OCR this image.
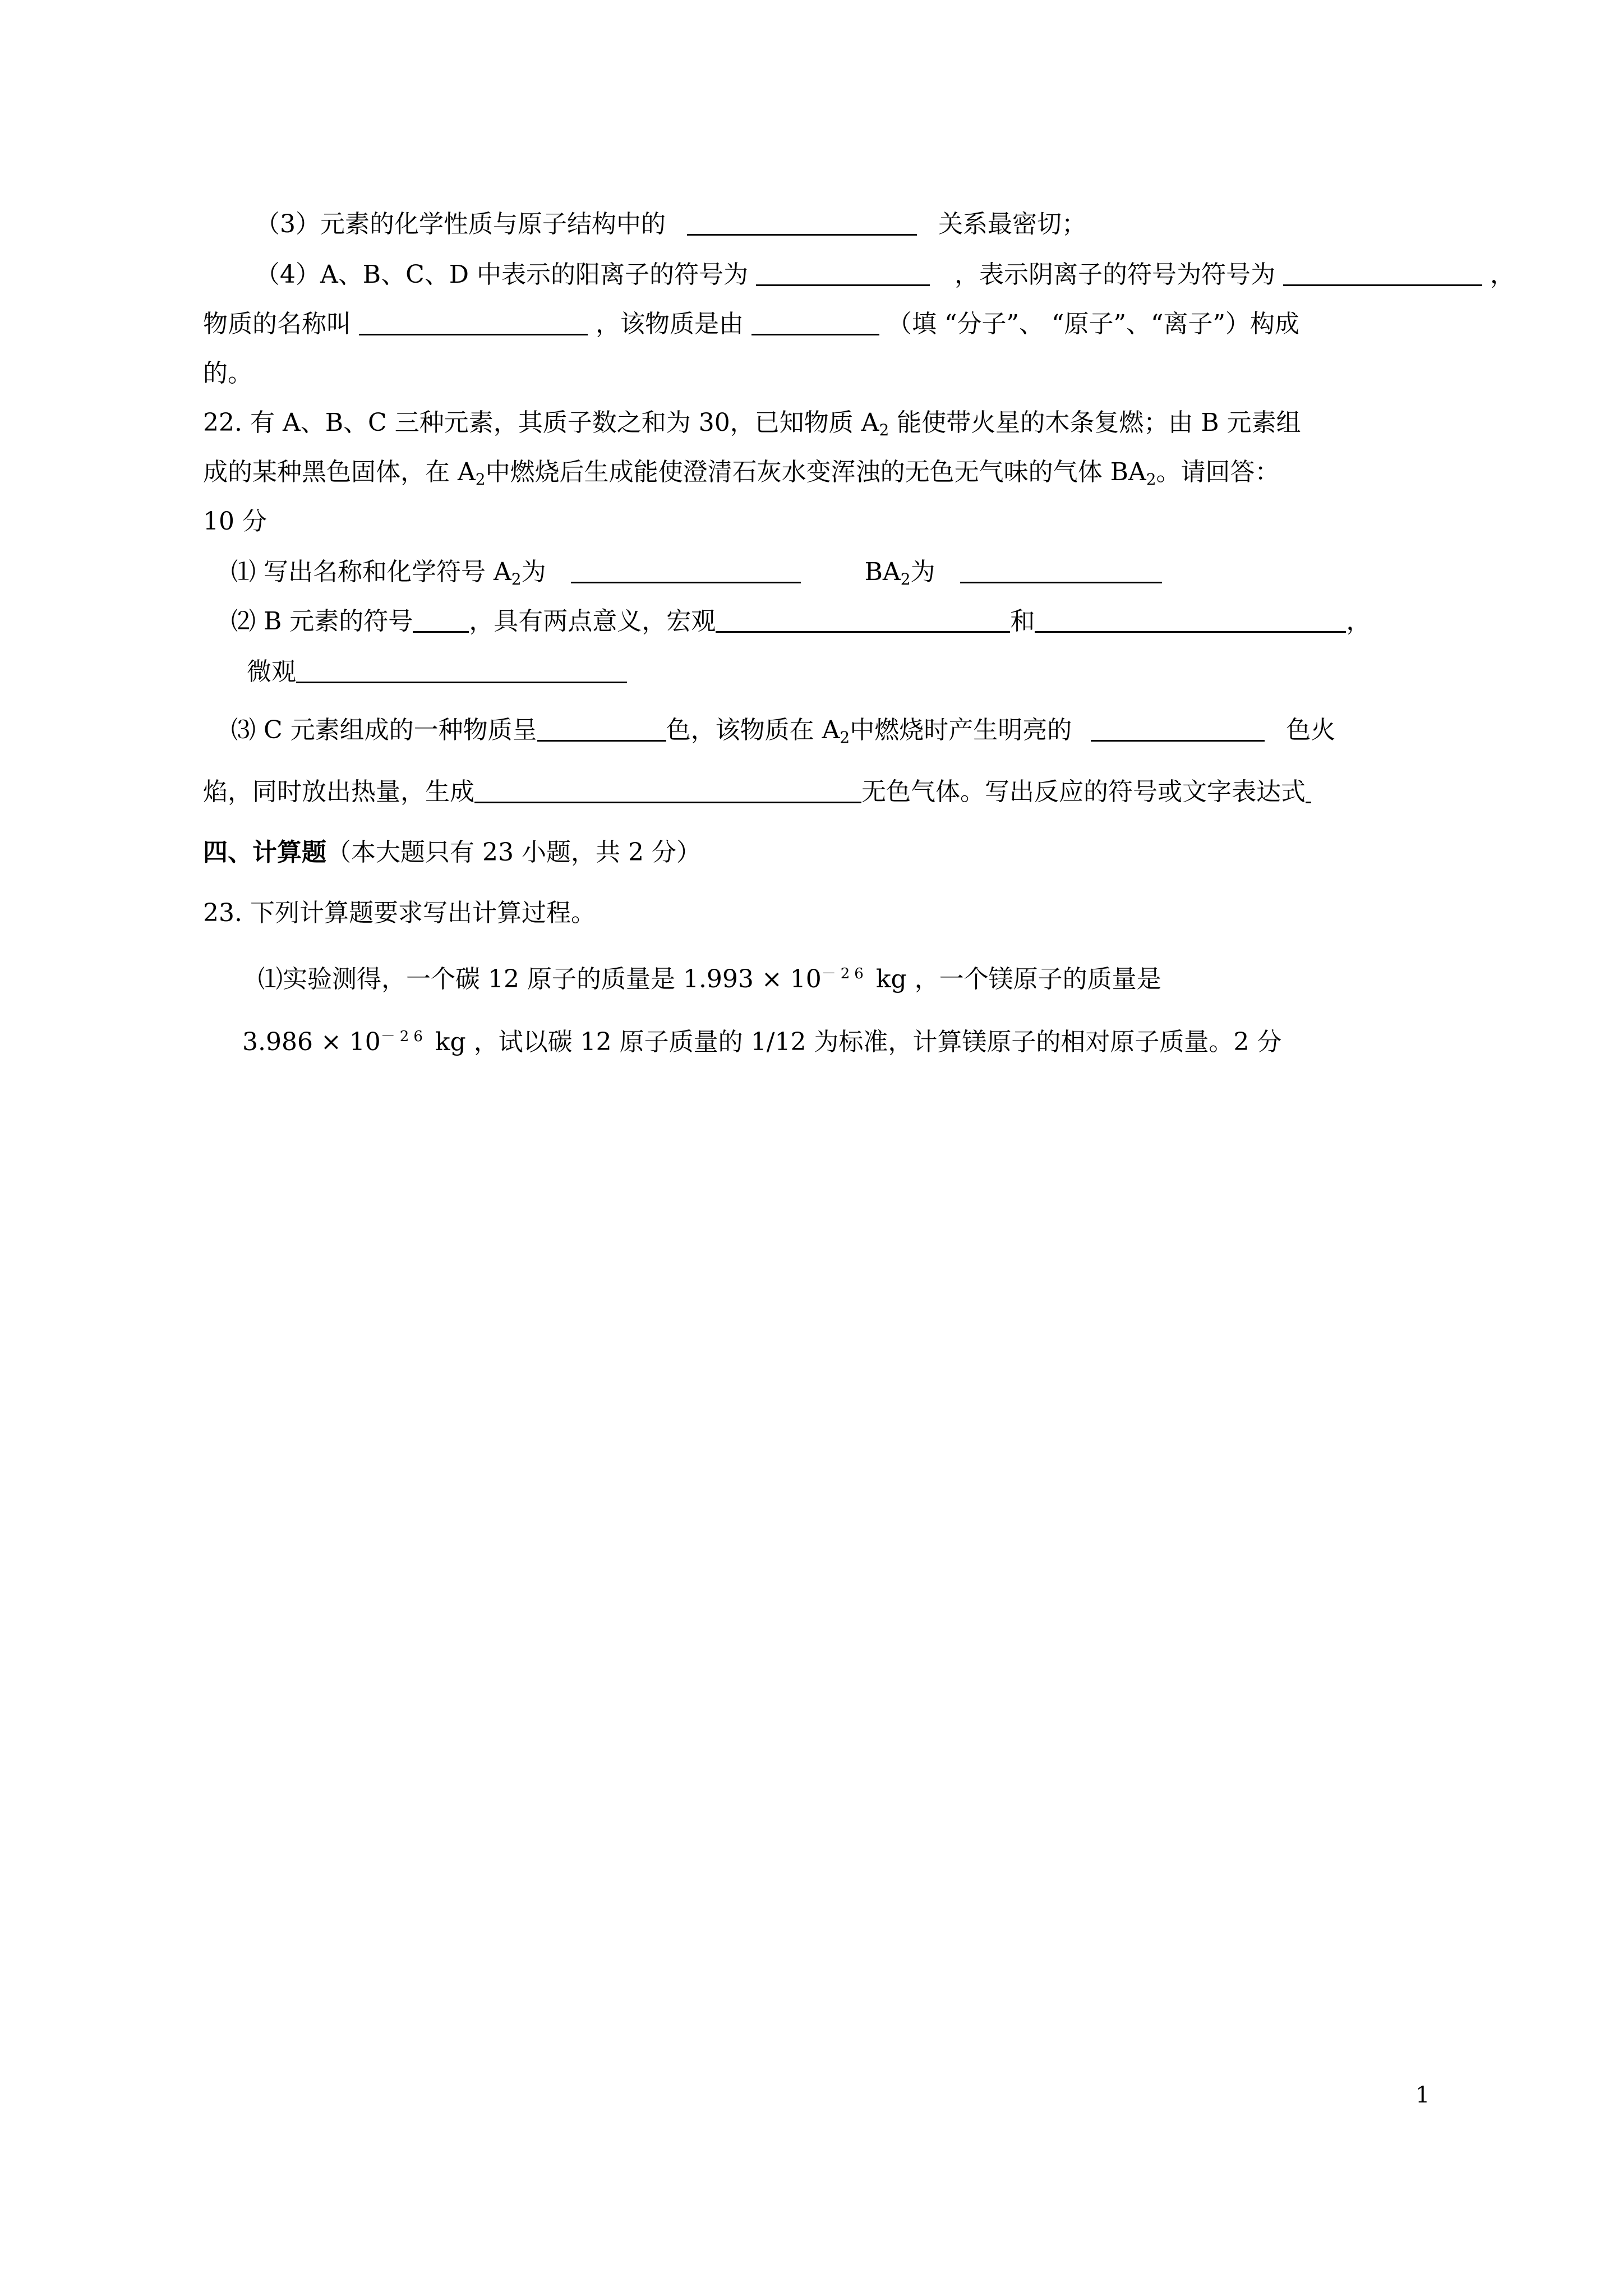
（3）元素的化学性质与原子结构中的	关系最密切；
（4）A、B、C、D 中表示的阳离子的符号为	，表示阴离子的符号为符号为	，
物质的名称叫	，该物质是由	（填 “分子”、 “原子”、“离子”）构成
的。
22. 有 A、B、C 三种元素，其质子数之和为 30，已知物质 $A_2$ 能使带火星的木条复燃；由 B 元素组
成的某种黑色固体，在 $A_2$中燃烧后生成能使澄清石灰水变浑浊的无色无气味的气体 $BA_2$。请回答：
10 分
⑴ 写出名称和化学符号 $A_2$为	$BA_2$为
⑵ B 元素的符号 ，具有两点意义，宏观	和	，
微观
⑶ C 元素组成的一种物质呈	色，该物质在 $A_2$中燃烧时产生明亮的	色火
焰，同时放出热量，生成	无色气体。写出反应的符号或文字表达式
四、计算题（本大题只有 23 小题，共 2 分）
23. 下列计算题要求写出计算过程。
⑴实验测得，一个碳 12 原子的质量是 $1.993 \times 10^{-26}$ kg ，一个镁原子的质量是
$3.986 \times 10^{-26}$ kg ，试以碳 12 原子质量的 1/12 为标准，计算镁原子的相对原子质量。2 分
1
